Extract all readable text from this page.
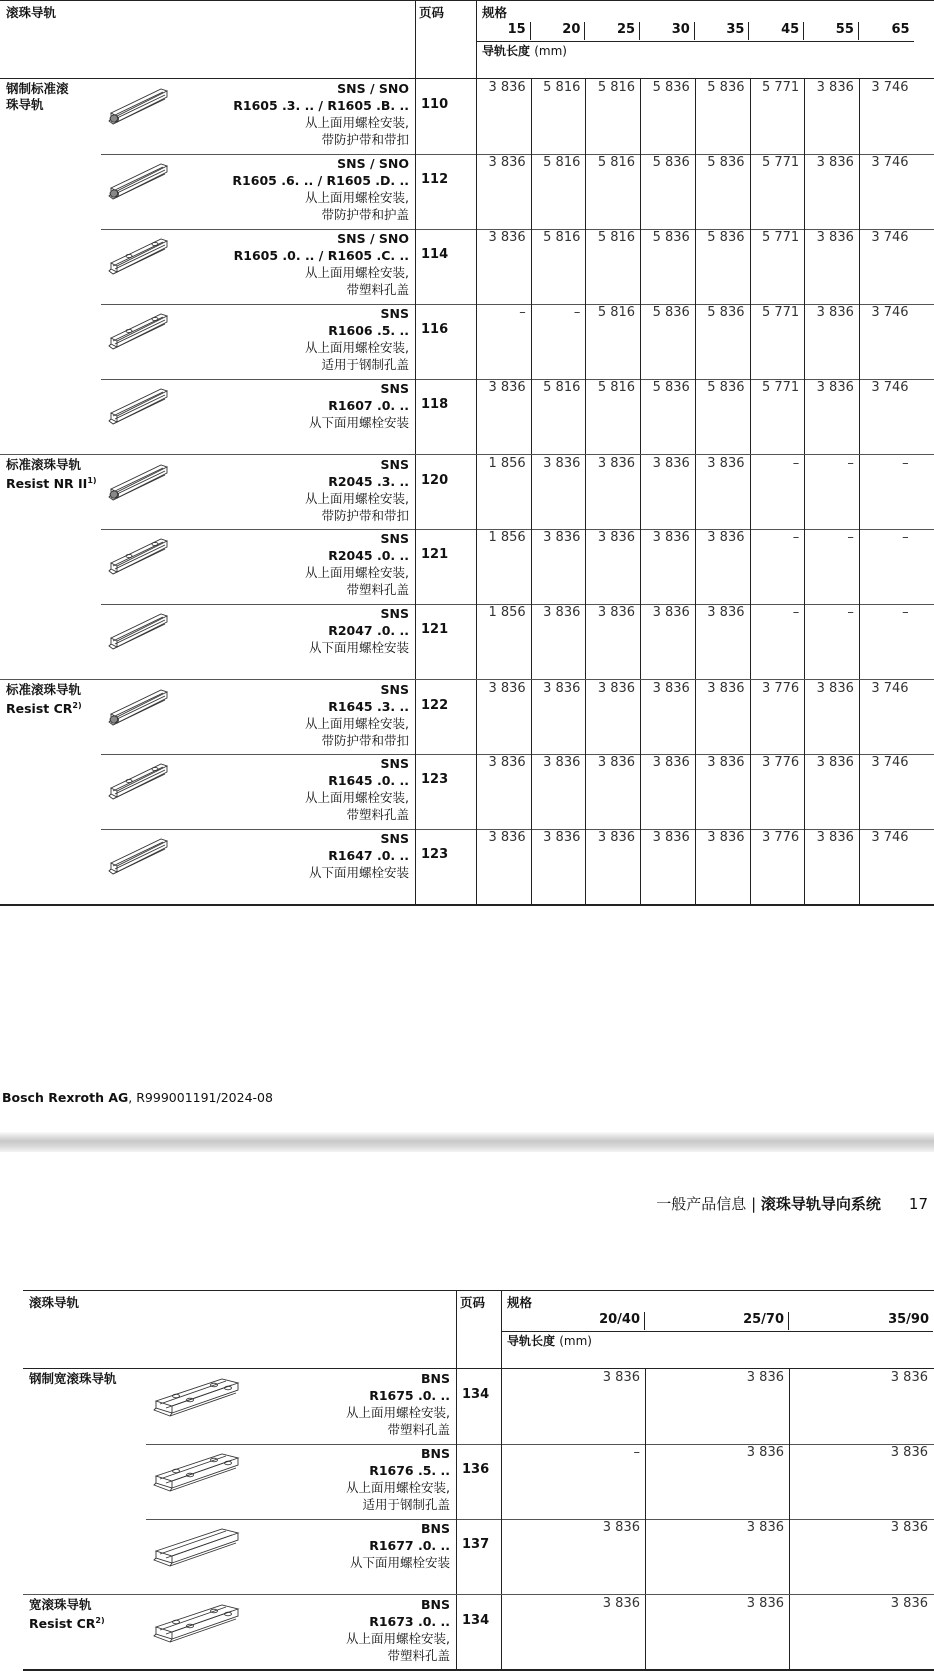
滚珠导轨	页码	规格
15	20	25	30	35	45	55	65
导轨长度 (mm)
钢制标准滚
珠导轨
SNS / SNO
R1605 .3. .. / R1605 .B. ..
从上面用螺栓安装,
带防护带和带扣
110
3 836	5 816	5 816	5 836	5 836	5 771	3 836	3 746
SNS / SNO
R1605 .6. .. / R1605 .D. ..
从上面用螺栓安装,
带防护带和护盖
112
3 836	5 816	5 816	5 836	5 836	5 771	3 836	3 746
SNS / SNO
R1605 .0. .. / R1605 .C. ..
从上面用螺栓安装,
带塑料孔盖
114
3 836	5 816	5 816	5 836	5 836	5 771	3 836	3 746
SNS
R1606 .5. ..
从上面用螺栓安装,
适用于钢制孔盖
116
–	–	5 816	5 836	5 836	5 771	3 836	3 746
SNS
R1607 .0. ..
从下面用螺栓安装
118
3 836	5 816	5 816	5 836	5 836	5 771	3 836	3 746
标准滚珠导轨
Resist NR II$^{1)}$
SNS
R2045 .3. ..
从上面用螺栓安装,
带防护带和带扣
120
1 856	3 836	3 836	3 836	3 836	–	–	–
SNS
R2045 .0. ..
从上面用螺栓安装,
带塑料孔盖
121
1 856	3 836	3 836	3 836	3 836	–	–	–
SNS
R2047 .0. ..
从下面用螺栓安装
121
1 856	3 836	3 836	3 836	3 836	–	–	–
标准滚珠导轨
Resist CR$^{2)}$
SNS
R1645 .3. ..
从上面用螺栓安装,
带防护带和带扣
122
3 836	3 836	3 836	3 836	3 836	3 776	3 836	3 746
SNS
R1645 .0. ..
从上面用螺栓安装,
带塑料孔盖
123
3 836	3 836	3 836	3 836	3 836	3 776	3 836	3 746
SNS
R1647 .0. ..
从下面用螺栓安装
123
3 836	3 836	3 836	3 836	3 836	3 776	3 836	3 746
Bosch Rexroth AG, R999001191/2024-08
一般产品信息 | 滚珠导轨导向系统 17
滚珠导轨	页码 规格
20/40	25/70	35/90
导轨长度 (mm)
钢制宽滚珠导轨	BNS
R1675 .0. ..
从上面用螺栓安装,
带塑料孔盖
134
3 836	3 836	3 836
BNS
R1676 .5. ..
从上面用螺栓安装,
适用于钢制孔盖
136
–	3 836	3 836
BNS
R1677 .0. ..
从下面用螺栓安装
137
3 836	3 836	3 836
宽滚珠导轨
Resist CR$^{2)}$
BNS
R1673 .0. ..
从上面用螺栓安装,
带塑料孔盖
134
3 836	3 836	3 836
